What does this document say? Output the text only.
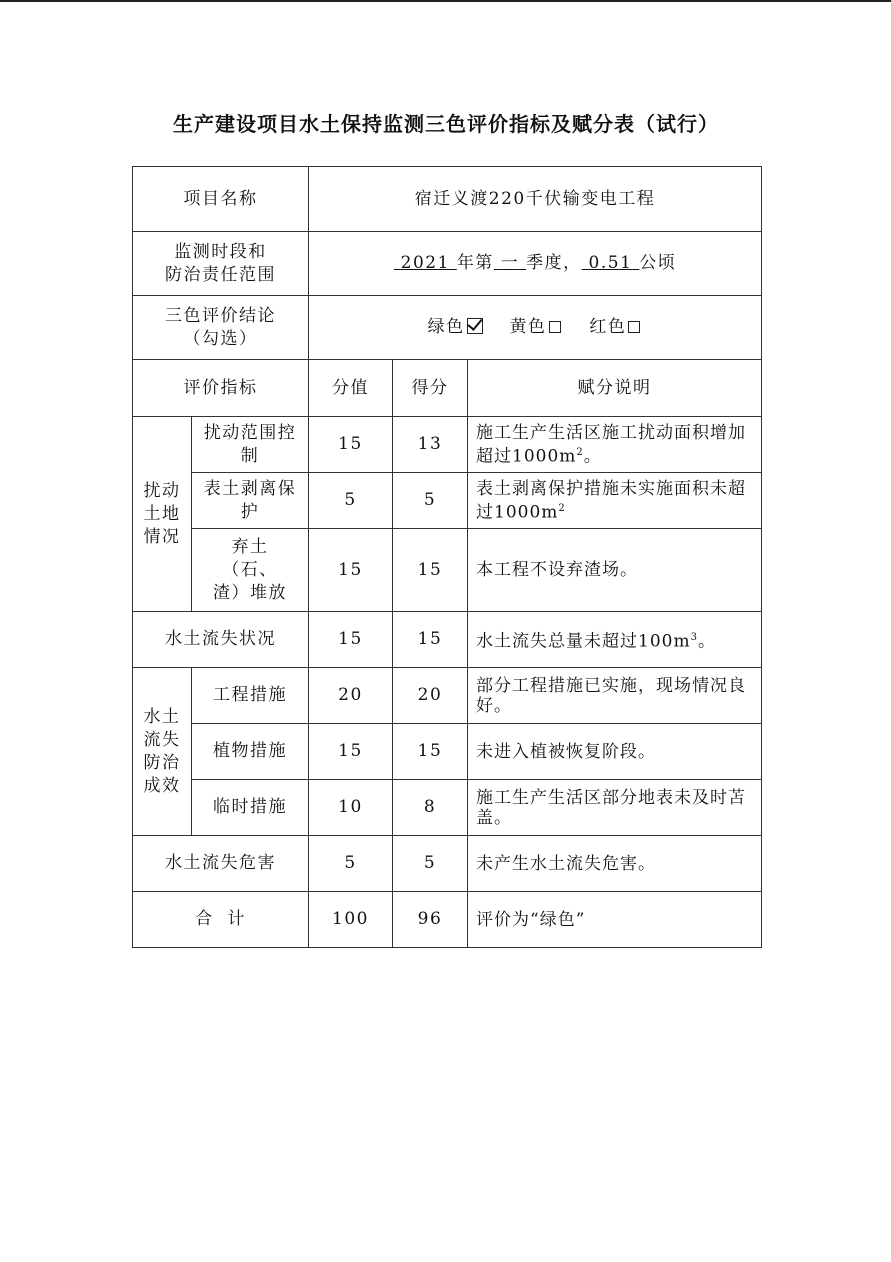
生产建设项目水土保持监测三色评价指标及赋分表（试行）
项目名称		宿迁义渡220千伏输变电工程		

监测时段和
防治责任范围		2021 年第 一 季度， 0.51 公顷		

三色评价结论
（勾选）		绿色 黄色 红色		
评价指标		分值	得分	赋分说明
扰动土地情况	扰动范围控制	15	13	施工生产生活区施工扰动面积增加超过$1000m^2$。
	表土剥离保护	5	5	表土剥离保护措施未实施面积未超过$1000m^2$

	弃土
（石、
渣）堆放	15	15	本工程不设弃渣场。
水土流失状况		15	15	水土流失总量未超过$100m^3$。
水土流失防治成效	工程措施	20	20	部分工程措施已实施，现场情况良好。
	植物措施	15	15	未进入植被恢复阶段。
	临时措施	10	8	施工生产生活区部分地表未及时苫盖。
水土流失危害		5	5	未产生水土流失危害。
合  计		100	96	评价为“绿色”
